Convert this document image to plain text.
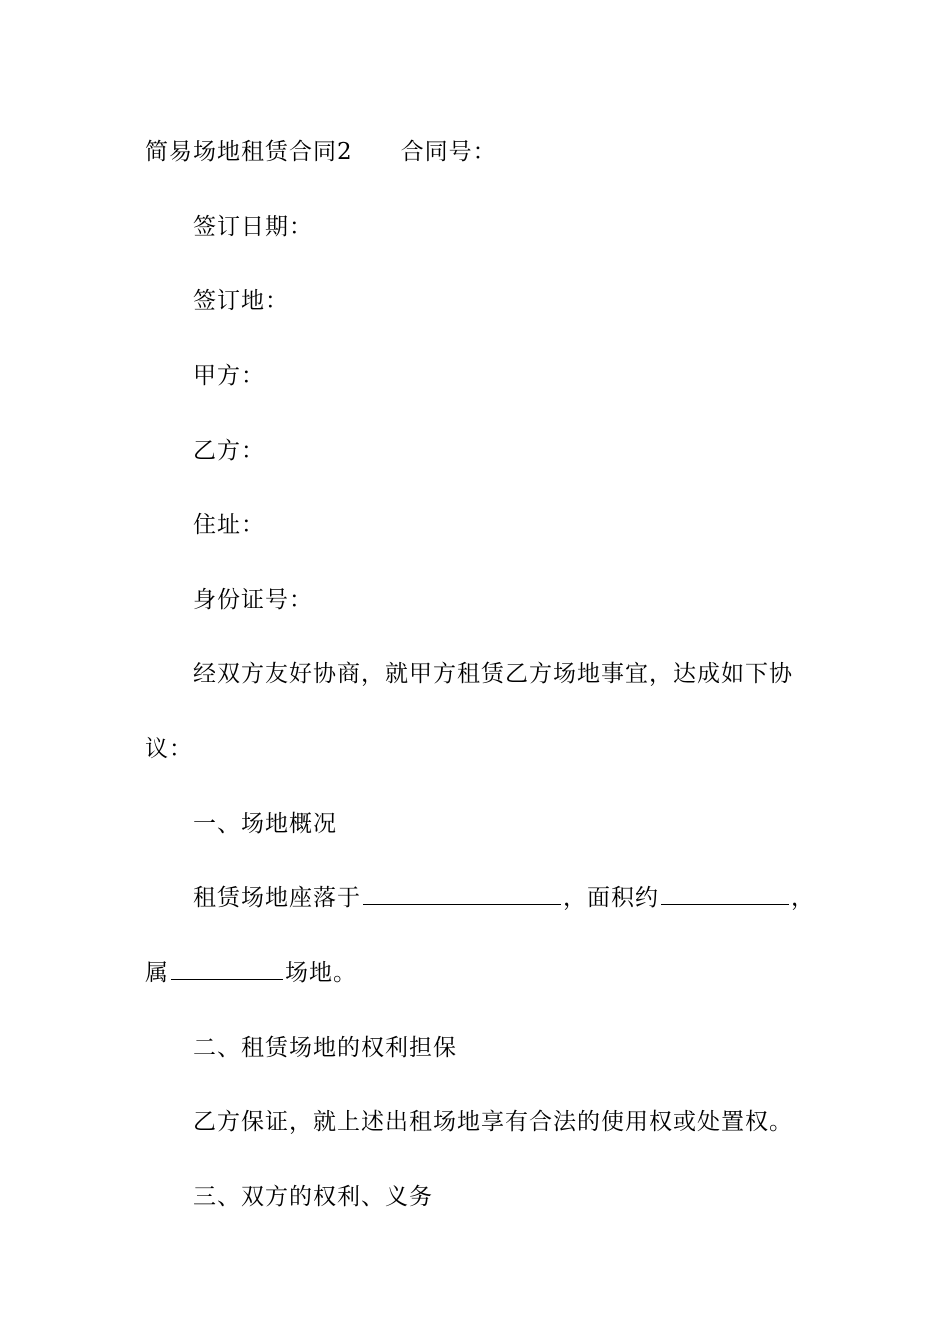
简易场地租赁合同2 合同号：
签订日期：
签订地：
甲方：
乙方：
住址：
身份证号：
经双方友好协商，就甲方租赁乙方场地事宜，达成如下协
议：
一、场地概况
租赁场地座落于	，面积约	，
属	场地。
二、租赁场地的权利担保
乙方保证，就上述出租场地享有合法的使用权或处置权。
三、双方的权利、义务
